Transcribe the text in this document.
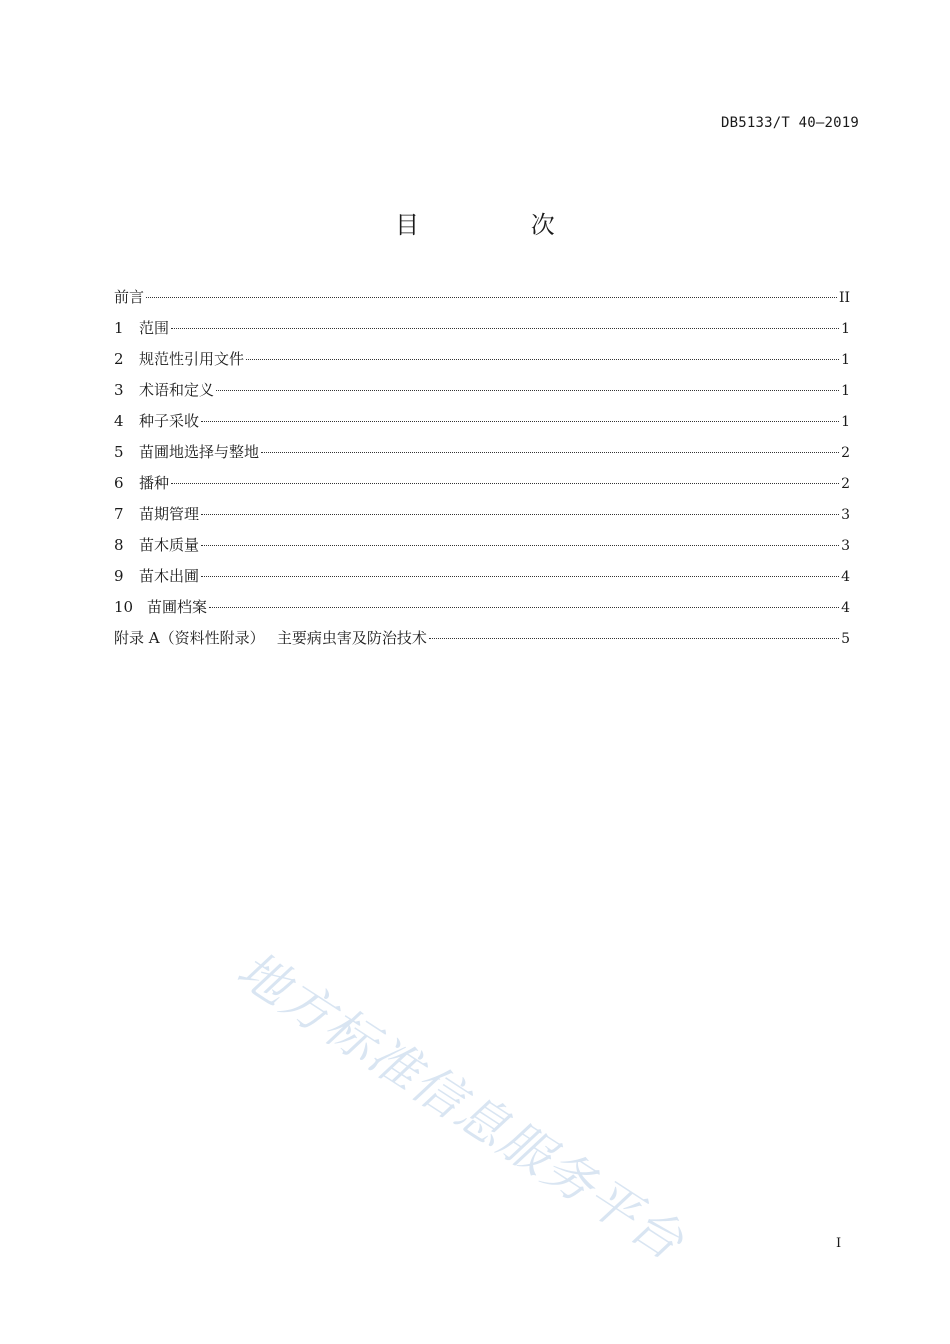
DB5133/T 40—2019
目 次
前言	II
1	范围	1
2	规范性引用文件	1
3	术语和定义	1
4	种子采收	1
5	苗圃地选择与整地	2
6	播种	2
7	苗期管理	3
8	苗木质量	3
9	苗木出圃	4
10 苗圃档案	4
附录 A（资料性附录）　 主要病虫害及防治技术	5
地方标准信息服务平台	I
